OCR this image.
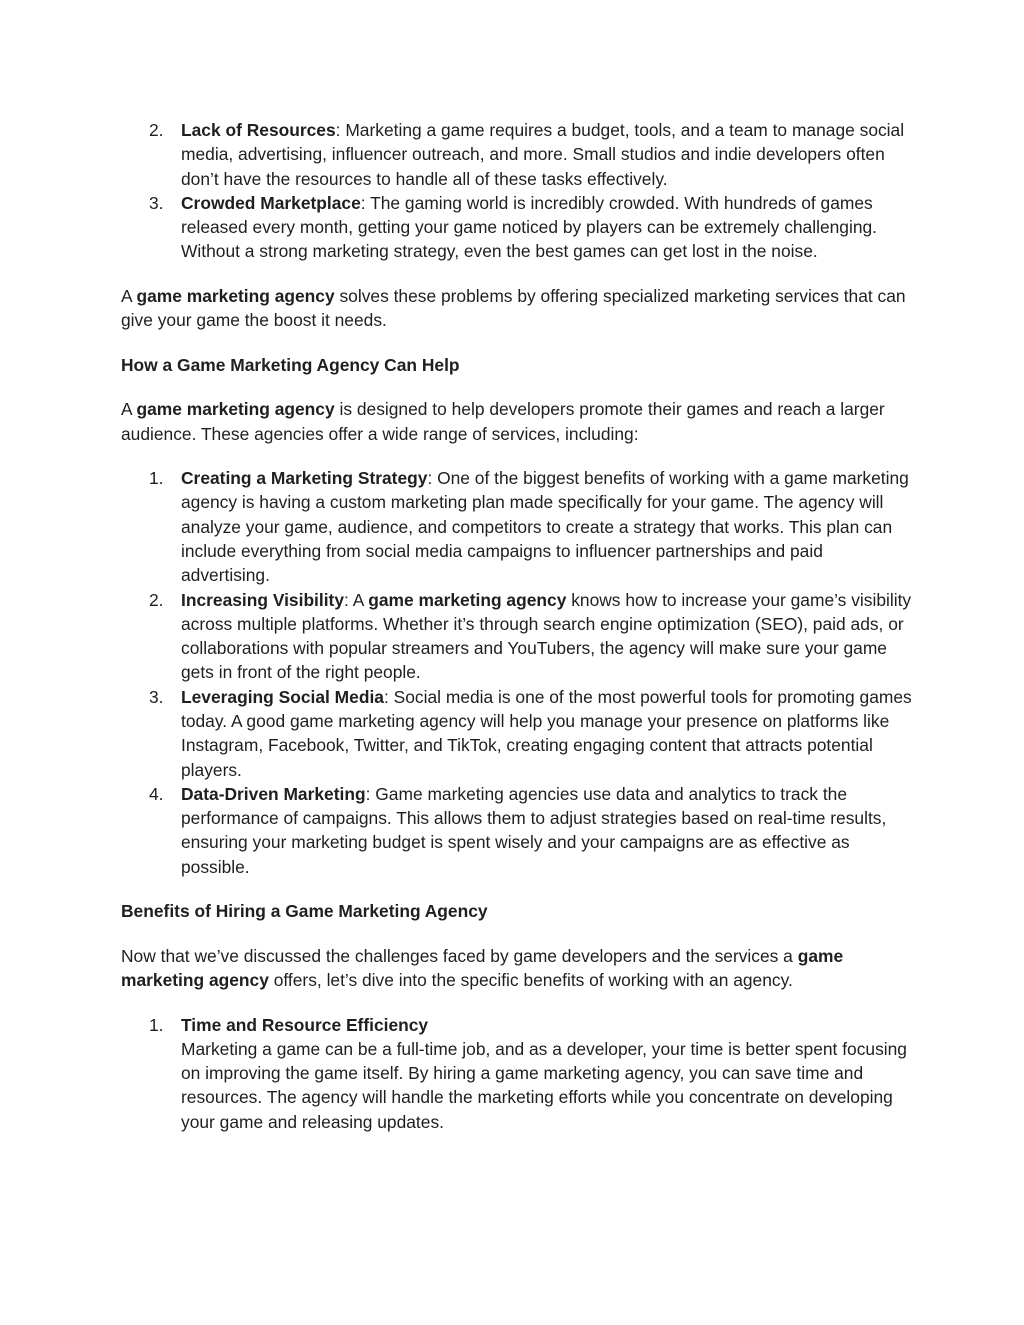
2. Lack of Resources: Marketing a game requires a budget, tools, and a team to manage social media, advertising, influencer outreach, and more. Small studios and indie developers often don’t have the resources to handle all of these tasks effectively.
3. Crowded Marketplace: The gaming world is incredibly crowded. With hundreds of games released every month, getting your game noticed by players can be extremely challenging. Without a strong marketing strategy, even the best games can get lost in the noise.

A game marketing agency solves these problems by offering specialized marketing services that can give your game the boost it needs.

How a Game Marketing Agency Can Help

A game marketing agency is designed to help developers promote their games and reach a larger audience. These agencies offer a wide range of services, including:

1. Creating a Marketing Strategy: One of the biggest benefits of working with a game marketing agency is having a custom marketing plan made specifically for your game. The agency will analyze your game, audience, and competitors to create a strategy that works. This plan can include everything from social media campaigns to influencer partnerships and paid advertising.
2. Increasing Visibility: A game marketing agency knows how to increase your game’s visibility across multiple platforms. Whether it’s through search engine optimization (SEO), paid ads, or collaborations with popular streamers and YouTubers, the agency will make sure your game gets in front of the right people.
3. Leveraging Social Media: Social media is one of the most powerful tools for promoting games today. A good game marketing agency will help you manage your presence on platforms like Instagram, Facebook, Twitter, and TikTok, creating engaging content that attracts potential players.
4. Data-Driven Marketing: Game marketing agencies use data and analytics to track the performance of campaigns. This allows them to adjust strategies based on real-time results, ensuring your marketing budget is spent wisely and your campaigns are as effective as possible.
Benefits of Hiring a Game Marketing Agency

Now that we’ve discussed the challenges faced by game developers and the services a game marketing agency offers, let’s dive into the specific benefits of working with an agency.

1. Time and Resource Efficiency
Marketing a game can be a full-time job, and as a developer, your time is better spent focusing on improving the game itself. By hiring a game marketing agency, you can save time and resources. The agency will handle the marketing efforts while you concentrate on developing your game and releasing updates.
